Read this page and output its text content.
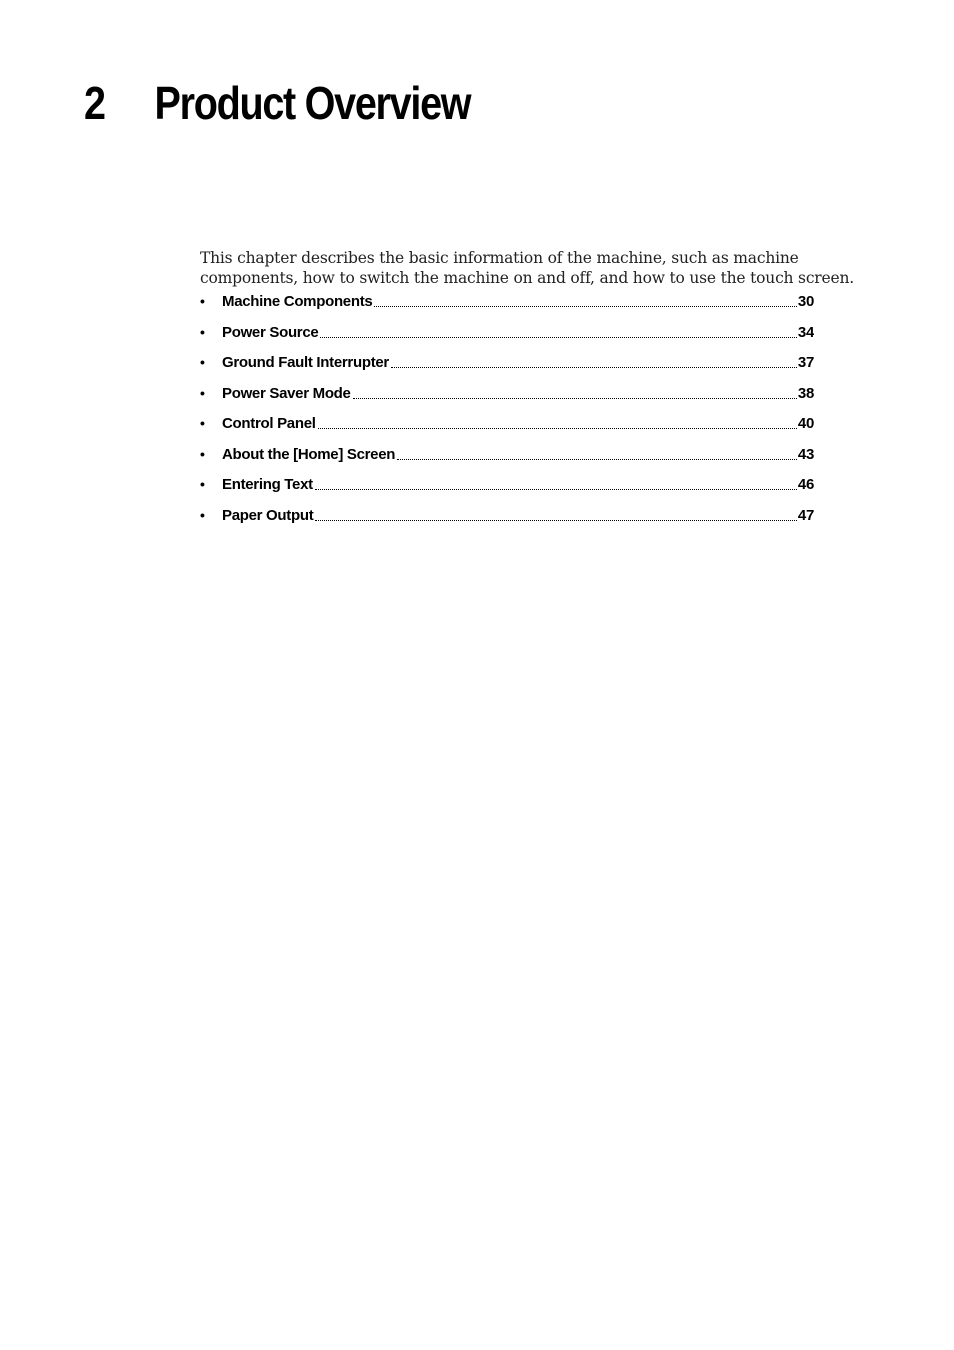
2	Product Overview

This chapter describes the basic information of the machine, such as machine components, how to switch the machine on and off, and how to use the touch screen.

•	Machine Components	30
•	Power Source	34
•	Ground Fault Interrupter	37
•	Power Saver Mode	38
•	Control Panel	40
•	About the [Home] Screen	43
•	Entering Text	46
•	Paper Output	47
